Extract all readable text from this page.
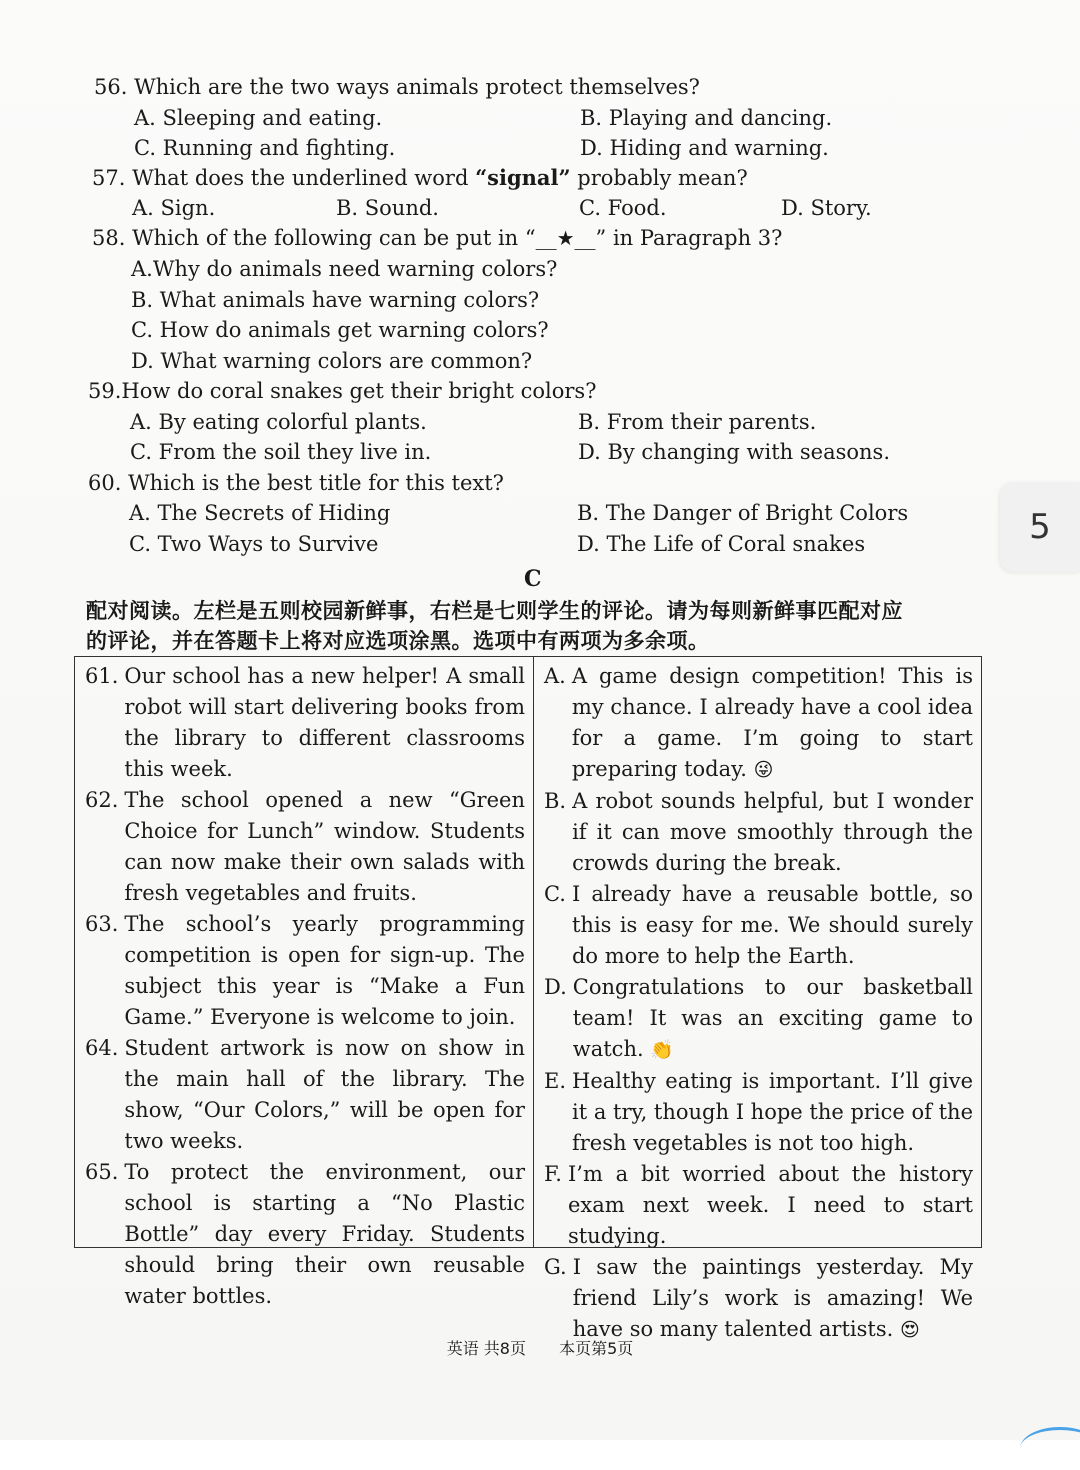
56. Which are the two ways animals protect themselves?
A. Sleeping and eating.	B. Playing and dancing.
C. Running and fighting.	D. Hiding and warning.
57. What does the underlined word “signal” probably mean?
A. Sign.	B. Sound.	C. Food.	D. Story.
58. Which of the following can be put in “__★__” in Paragraph 3?
A.Why do animals need warning colors?
B. What animals have warning colors?
C. How do animals get warning colors?
D. What warning colors are common?
59.How do coral snakes get their bright colors?
A. By eating colorful plants.	B. From their parents.
C. From the soil they live in.	D. By changing with seasons.
60. Which is the best title for this text?
A. The Secrets of Hiding	B. The Danger of Bright Colors
C. Two Ways to Survive	D. The Life of Coral snakes
C
配对阅读。左栏是五则校园新鲜事，右栏是七则学生的评论。请为每则新鲜事匹配对应
的评论，并在答题卡上将对应选项涂黑。选项中有两项为多余项。
61. Our school has a new helper! A small robot will start delivering books from the library to different classrooms this week.
62. The school opened a new “Green Choice for Lunch” window. Students can now make their own salads with fresh vegetables and fruits.
63. The school’s yearly programming competition is open for sign-up. The subject this year is “Make a Fun Game.” Everyone is welcome to join.
64. Student artwork is now on show in the main hall of the library. The show, “Our Colors,” will be open for two weeks.
65. To protect the environment, our school is starting a “No Plastic Bottle” day every Friday. Students should bring their own reusable water bottles.
A. A game design competition! This is my chance. I already have a cool idea for a game. I’m going to start preparing today. 😜
B. A robot sounds helpful, but I wonder if it can move smoothly through the crowds during the break.
C. I already have a reusable bottle, so this is easy for me. We should surely do more to help the Earth.
D. Congratulations to our basketball team! It was an exciting game to watch. 👏
E. Healthy eating is important. I’ll give it a try, though I hope the price of the fresh vegetables is not too high.
F. I’m a bit worried about the history exam next week. I need to start studying.
G. I saw the paintings yesterday. My friend Lily’s work is amazing! We have so many talented artists. 😍
英语 共8页 本页第5页
5
